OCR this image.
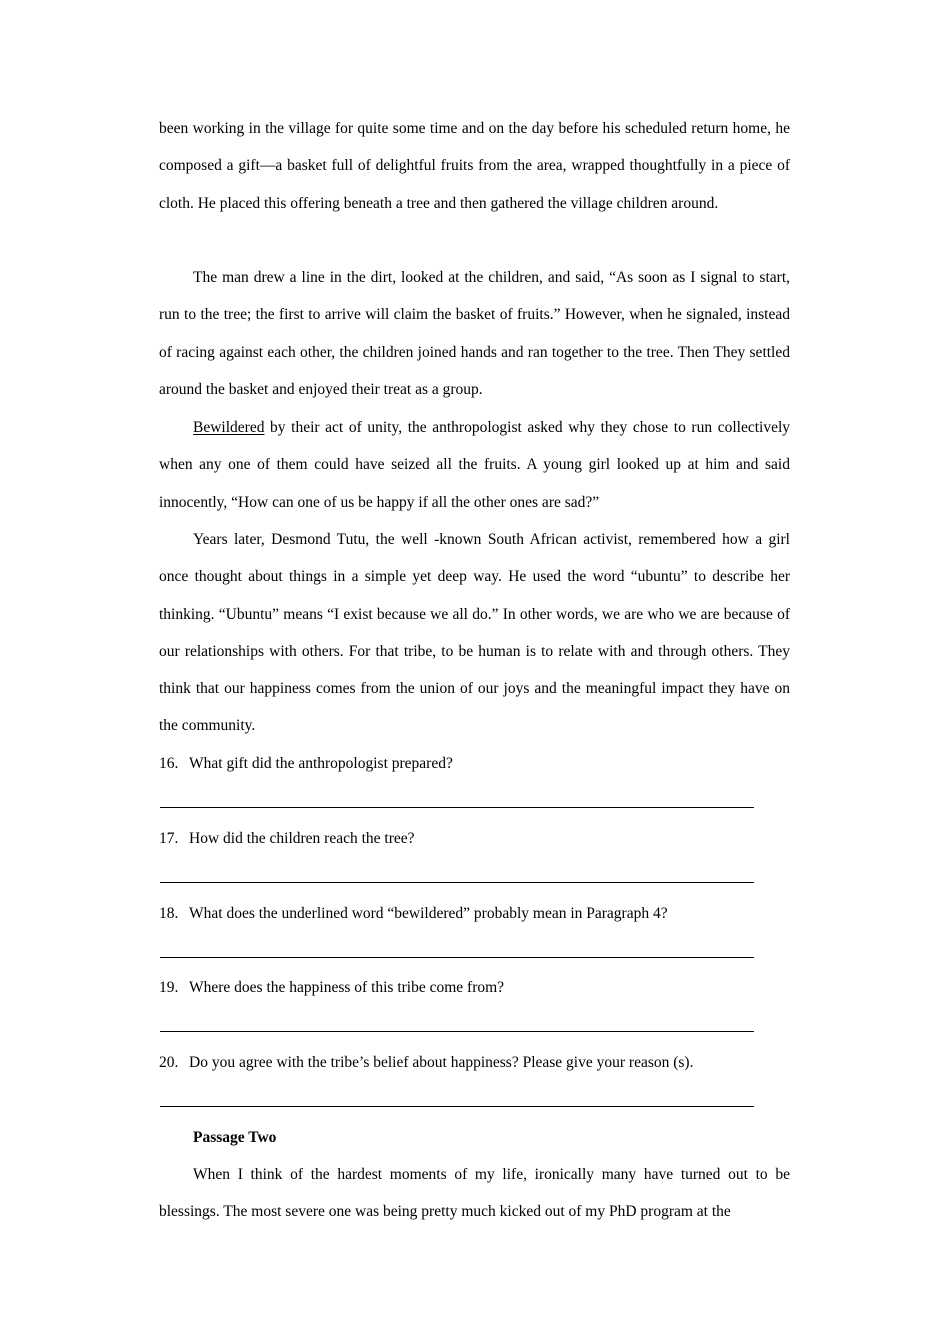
been working in the village for quite some time and on the day before his scheduled return home, he composed a gift—a basket full of delightful fruits from the area, wrapped thoughtfully in a piece of cloth. He placed this offering beneath a tree and then gathered the village children around.

The man drew a line in the dirt, looked at the children, and said, “As soon as I signal to start, run to the tree; the first to arrive will claim the basket of fruits.” However, when he signaled, instead of racing against each other, the children joined hands and ran together to the tree. Then They settled around the basket and enjoyed their treat as a group.

Bewildered by their act of unity, the anthropologist asked why they chose to run collectively when any one of them could have seized all the fruits. A young girl looked up at him and said innocently, “How can one of us be happy if all the other ones are sad?”

Years later, Desmond Tutu, the well -known South African activist, remembered how a girl once thought about things in a simple yet deep way. He used the word “ubuntu” to describe her thinking. “Ubuntu” means “I exist because we all do.” In other words, we are who we are because of our relationships with others. For that tribe, to be human is to relate with and through others. They think that our happiness comes from the union of our joys and the meaningful impact they have on the community.

16. What gift did the anthropologist prepared?

17. How did the children reach the tree?

18. What does the underlined word “bewildered” probably mean in Paragraph 4?

19. Where does the happiness of this tribe come from?

20. Do you agree with the tribe’s belief about happiness? Please give your reason (s).

Passage Two

When I think of the hardest moments of my life, ironically many have turned out to be blessings. The most severe one was being pretty much kicked out of my PhD program at the
